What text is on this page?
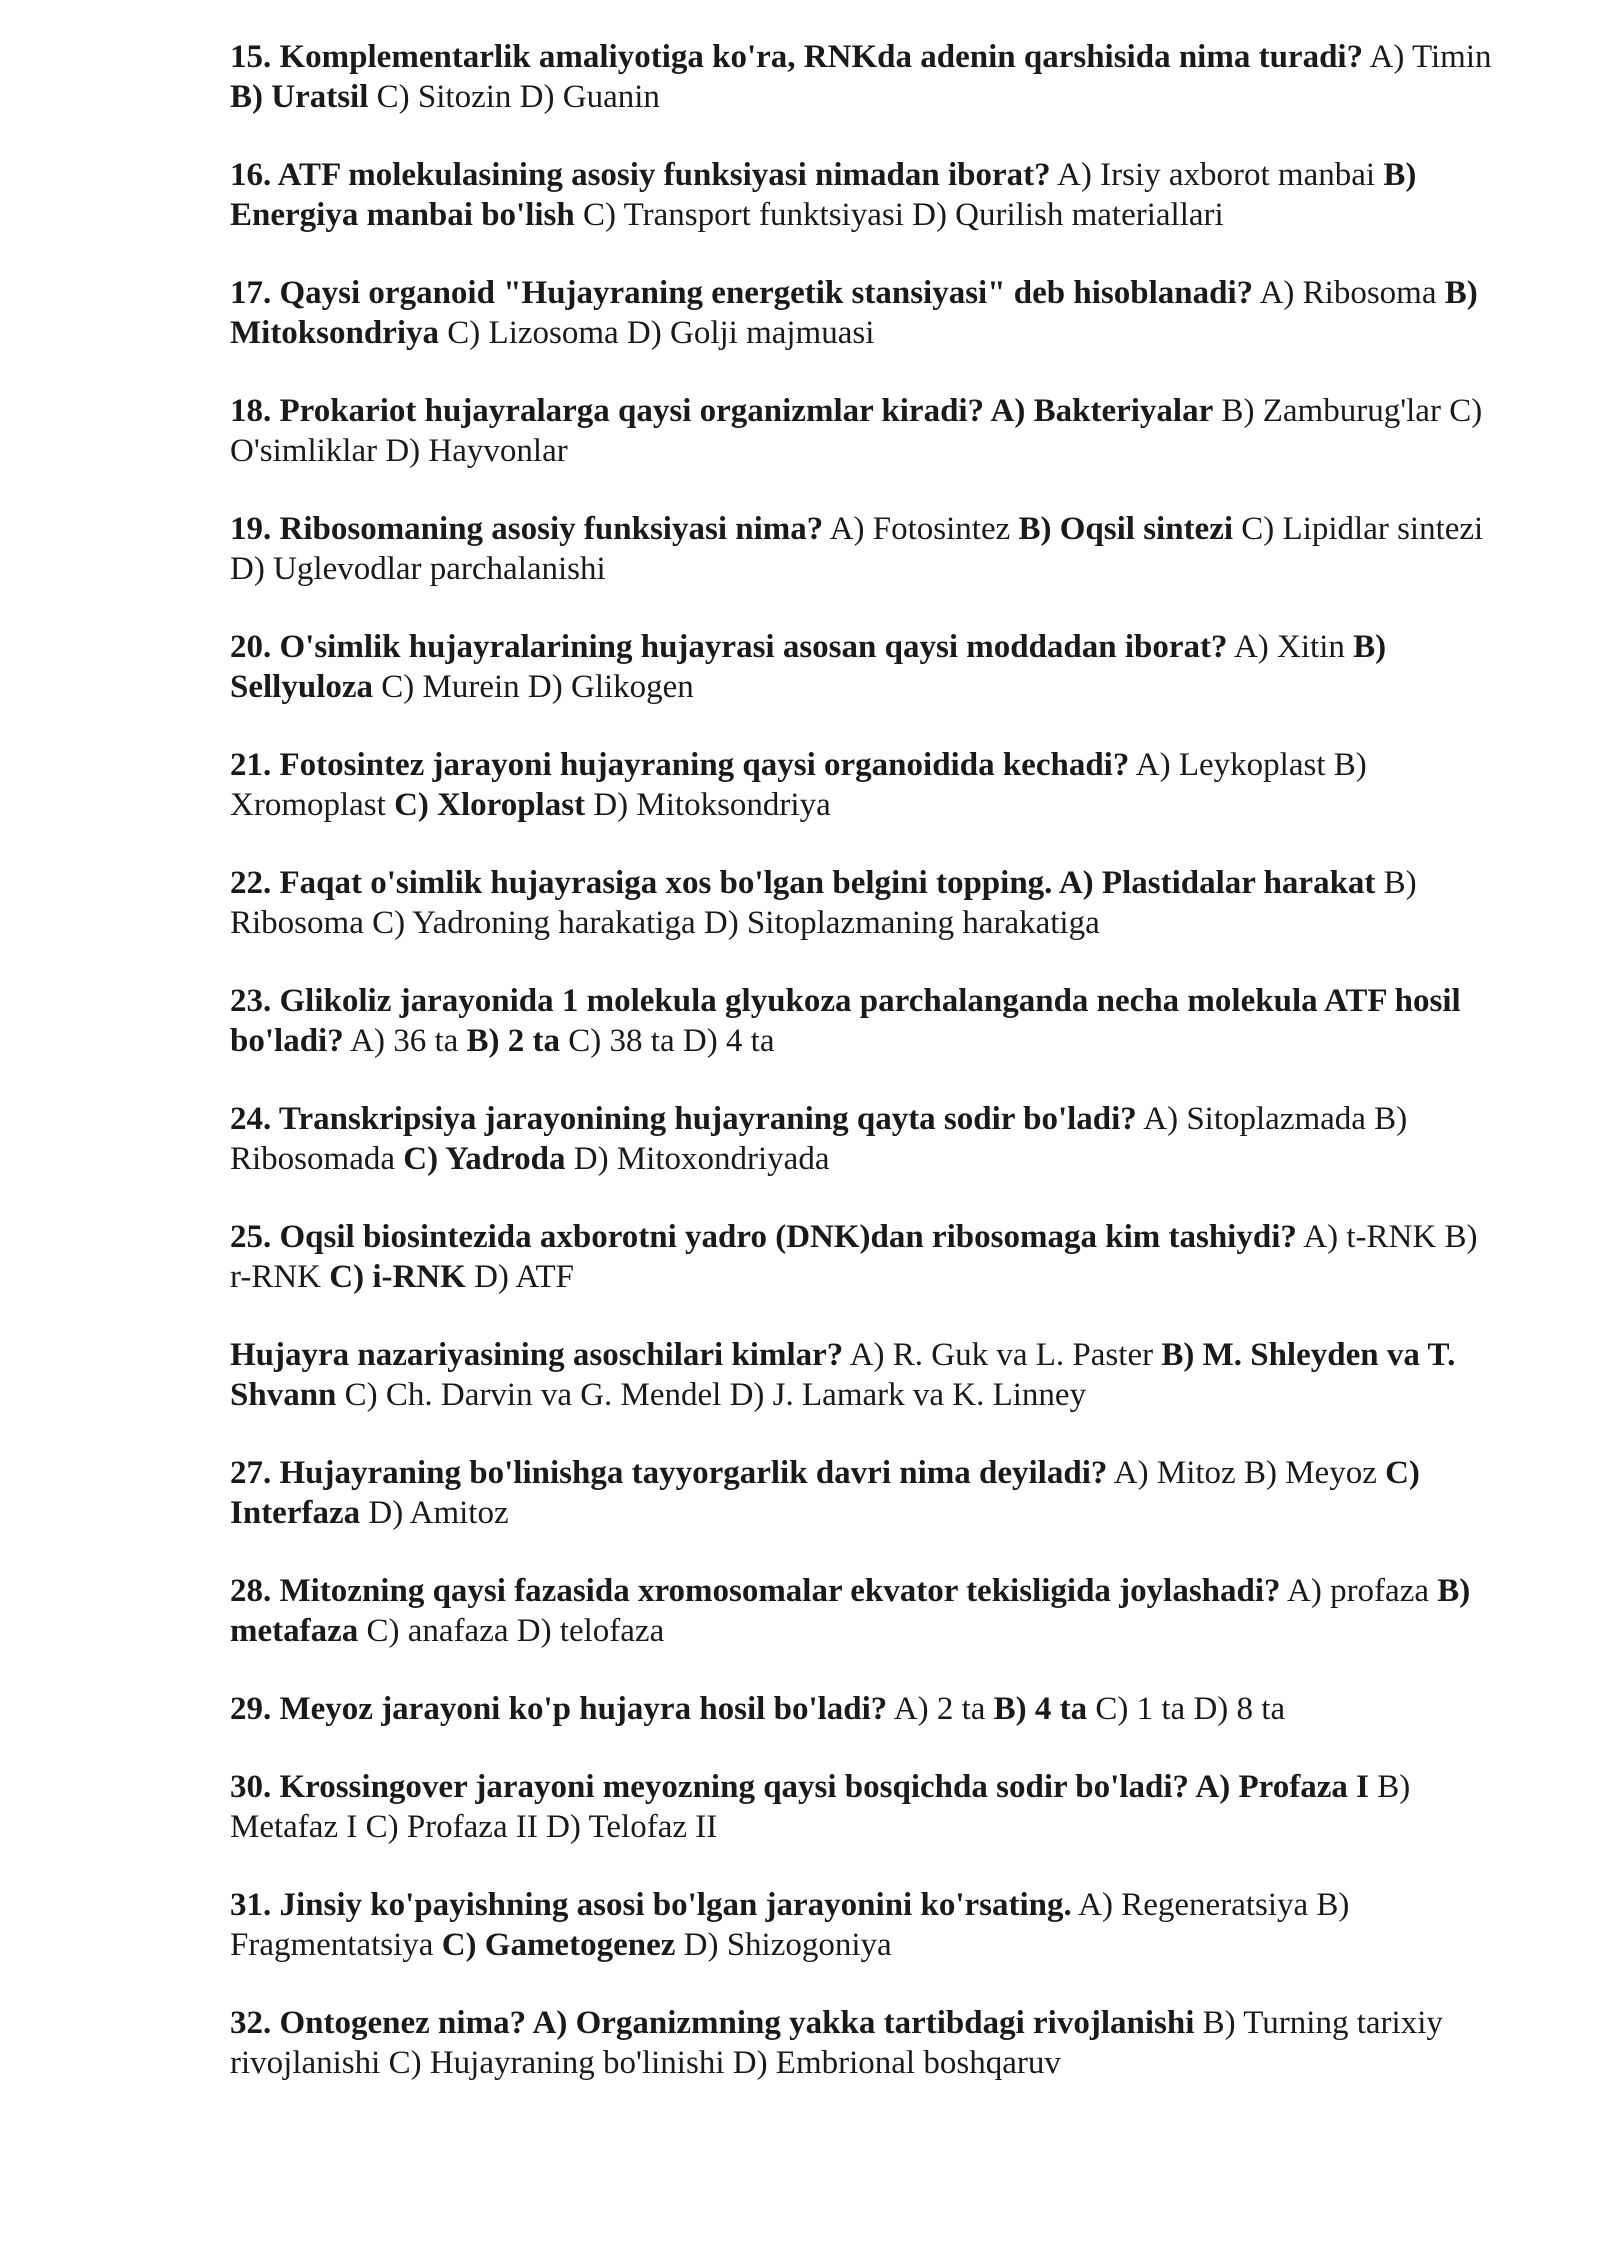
15. Komplementarlik amaliyotiga ko'ra, RNKda adenin qarshisida nima turadi? A) Timin B) Uratsil C) Sitozin D) Guanin

16. ATF molekulasining asosiy funksiyasi nimadan iborat? A) Irsiy axborot manbai B) Energiya manbai bo'lish C) Transport funktsiyasi D) Qurilish materiallari

17. Qaysi organoid "Hujayraning energetik stansiyasi" deb hisoblanadi? A) Ribosoma B) Mitoksondriya C) Lizosoma D) Golji majmuasi

18. Prokariot hujayralarga qaysi organizmlar kiradi? A) Bakteriyalar B) Zamburug'lar C) O'simliklar D) Hayvonlar

19. Ribosomaning asosiy funksiyasi nima? A) Fotosintez B) Oqsil sintezi C) Lipidlar sintezi D) Uglevodlar parchalanishi

20. O'simlik hujayralarining hujayrasi asosan qaysi moddadan iborat? A) Xitin B) Sellyuloza C) Murein D) Glikogen

21. Fotosintez jarayoni hujayraning qaysi organoidida kechadi? A) Leykoplast B) Xromoplast C) Xloroplast D) Mitoksondriya

22. Faqat o'simlik hujayrasiga xos bo'lgan belgini topping. A) Plastidalar harakat B) Ribosoma C) Yadroning harakatiga D) Sitoplazmaning harakatiga

23. Glikoliz jarayonida 1 molekula glyukoza parchalanganda necha molekula ATF hosil bo'ladi? A) 36 ta B) 2 ta C) 38 ta D) 4 ta

24. Transkripsiya jarayonining hujayraning qayta sodir bo'ladi? A) Sitoplazmada B) Ribosomada C) Yadroda D) Mitoxondriyada

25. Oqsil biosintezida axborotni yadro (DNK)dan ribosomaga kim tashiydi? A) t-RNK B) r-RNK C) i-RNK D) ATF

Hujayra nazariyasining asoschilari kimlar? A) R. Guk va L. Paster B) M. Shleyden va T. Shvann C) Ch. Darvin va G. Mendel D) J. Lamark va K. Linney

27. Hujayraning bo'linishga tayyorgarlik davri nima deyiladi? A) Mitoz B) Meyoz C) Interfaza D) Amitoz

28. Mitozning qaysi fazasida xromosomalar ekvator tekisligida joylashadi? A) profaza B) metafaza C) anafaza D) telofaza

29. Meyoz jarayoni ko'p hujayra hosil bo'ladi? A) 2 ta B) 4 ta C) 1 ta D) 8 ta

30. Krossingover jarayoni meyozning qaysi bosqichda sodir bo'ladi? A) Profaza I B) Metafaz I C) Profaza II D) Telofaz II

31. Jinsiy ko'payishning asosi bo'lgan jarayonini ko'rsating. A) Regeneratsiya B) Fragmentatsiya C) Gametogenez D) Shizogoniya

32. Ontogenez nima? A) Organizmning yakka tartibdagi rivojlanishi B) Turning tarixiy rivojlanishi C) Hujayraning bo'linishi D) Embrional boshqaruv
